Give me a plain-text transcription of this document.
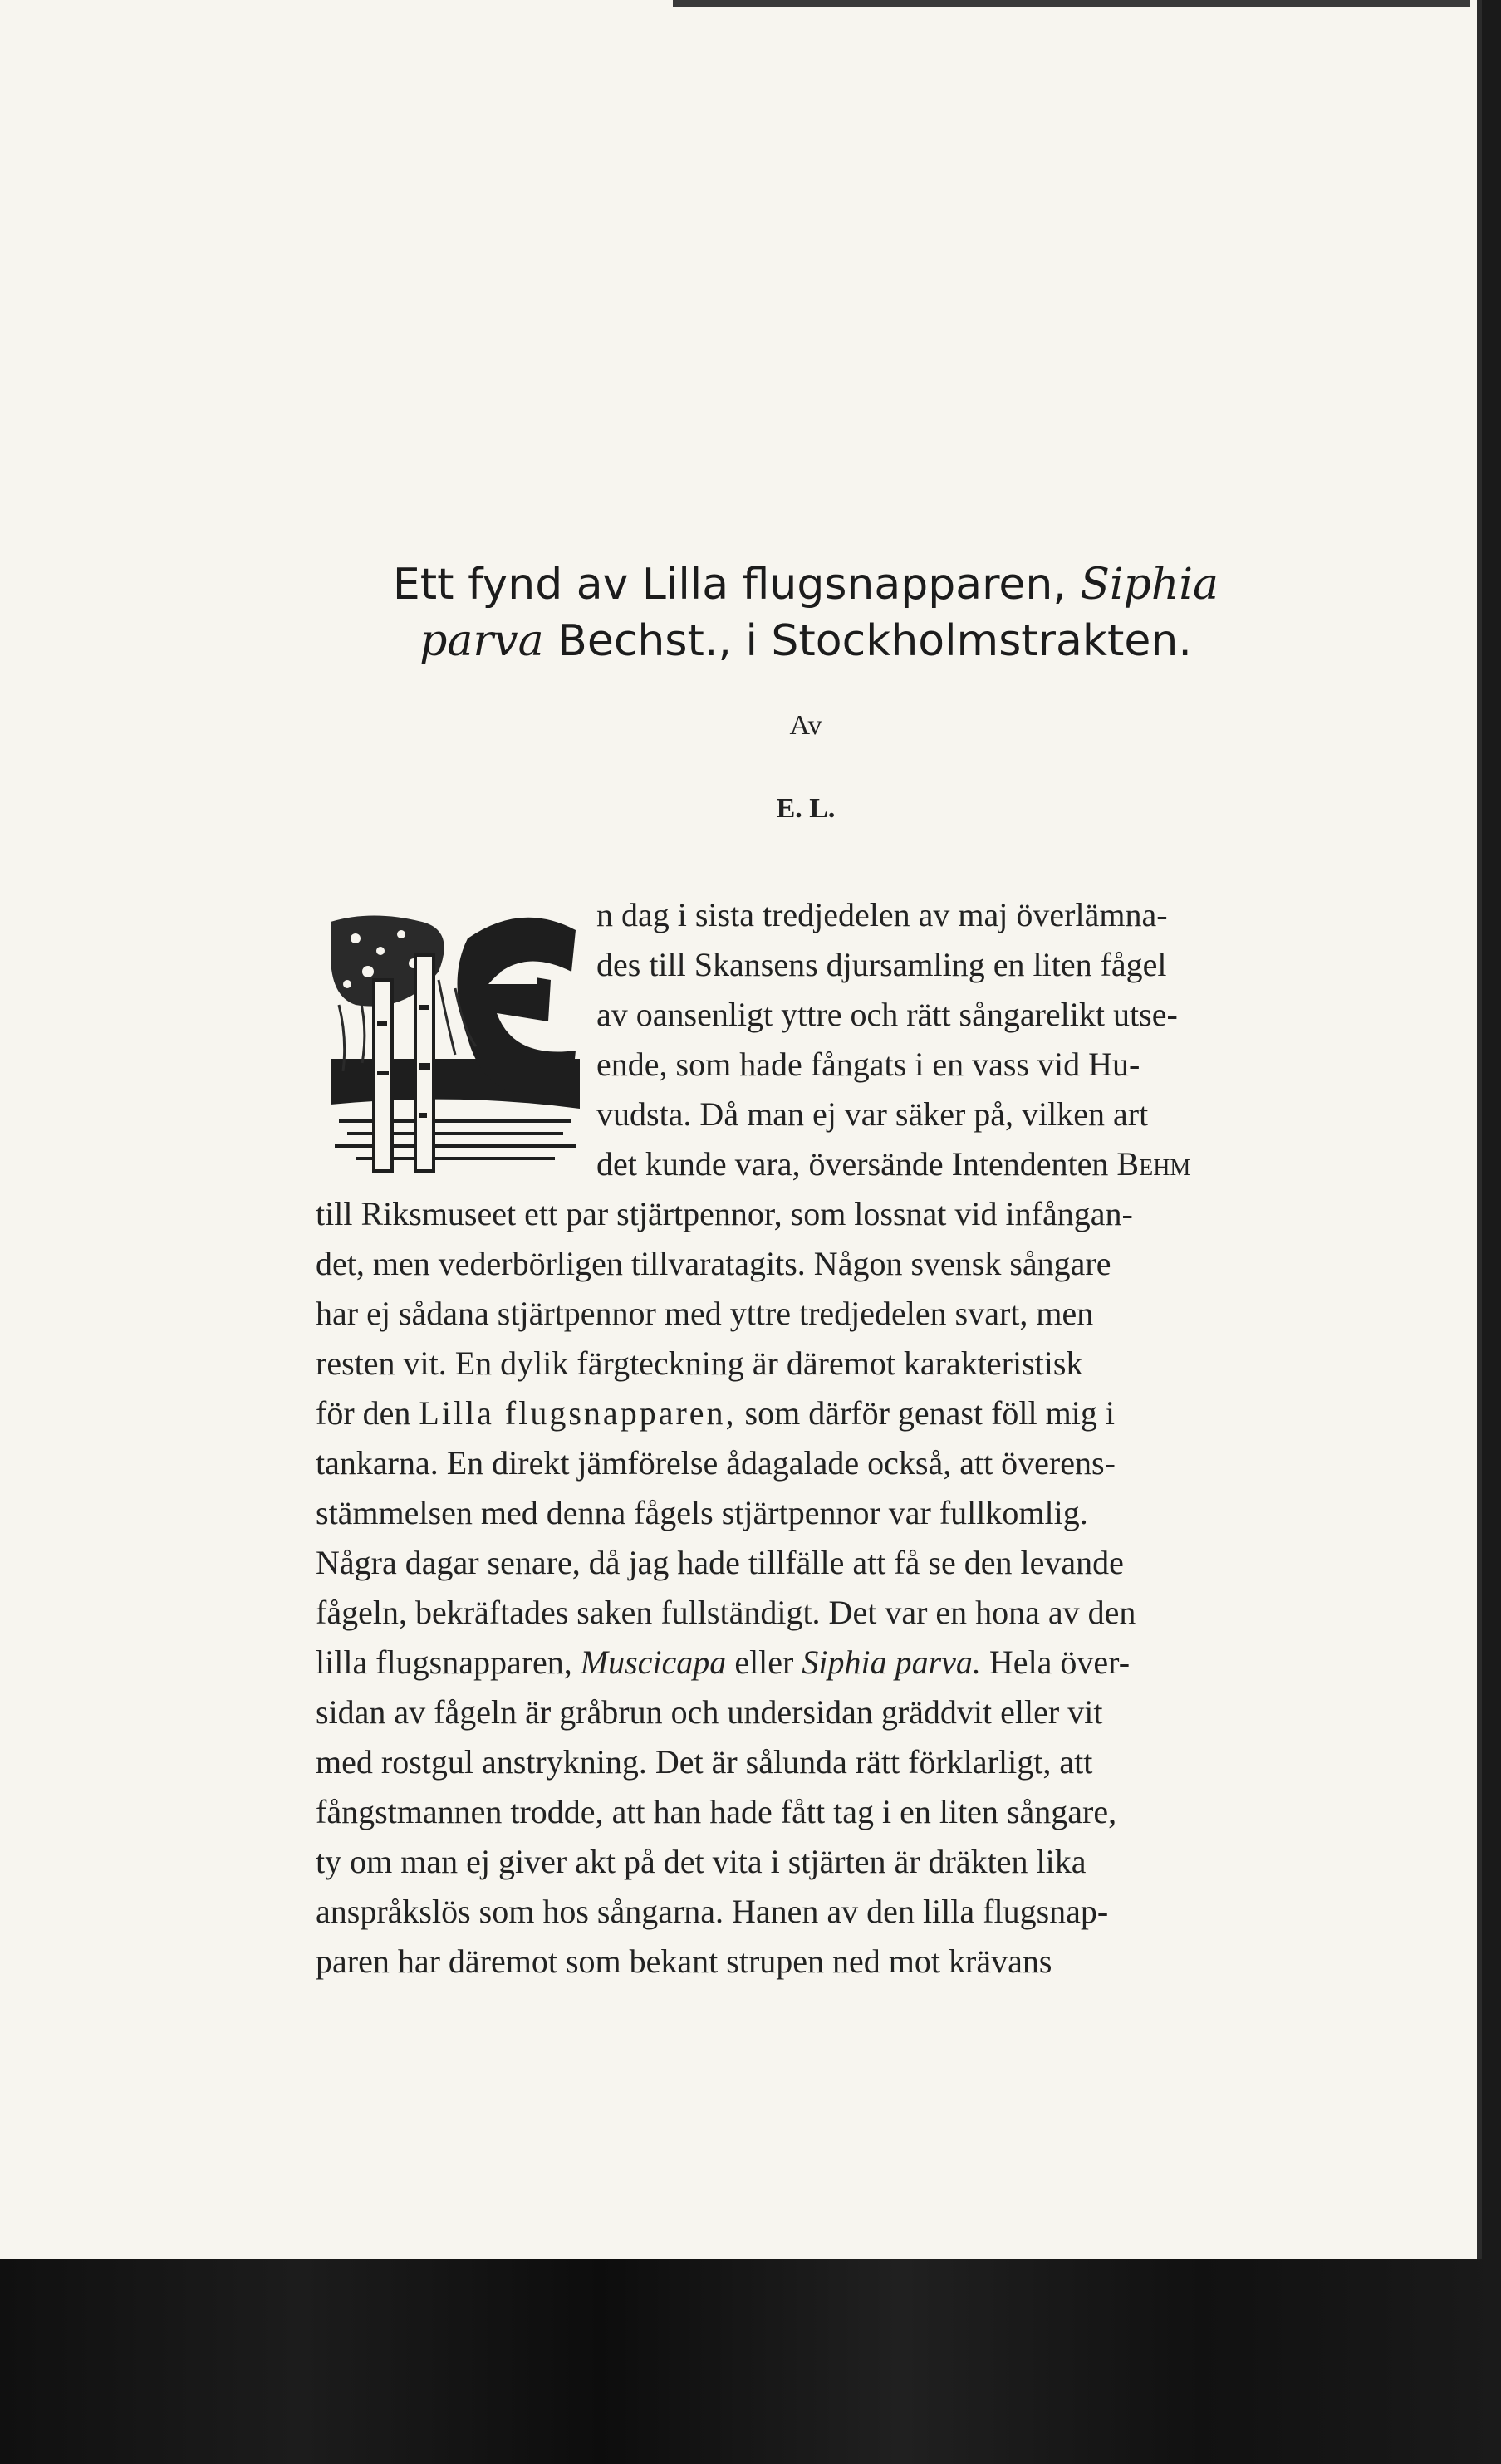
Ett fynd av Lilla flugsnapparen, Siphia
parva Bechst., i Stockholmstrakten.
Av
E. L.
n dag i sista tredjedelen av maj överlämna-
des till Skansens djursamling en liten fågel
av oansenligt yttre och rätt sångarelikt utse-
ende, som hade fångats i en vass vid Hu-
vudsta. Då man ej var säker på, vilken art
det kunde vara, översände Intendenten Behm
till Riksmuseet ett par stjärtpennor, som lossnat vid infångan-
det, men vederbörligen tillvaratagits. Någon svensk sångare
har ej sådana stjärtpennor med yttre tredjedelen svart, men
resten vit. En dylik färgteckning är däremot karakteristisk
för den Lilla flugsnapparen, som därför genast föll mig i
tankarna. En direkt jämförelse ådagalade också, att överens-
stämmelsen med denna fågels stjärtpennor var fullkomlig.
Några dagar senare, då jag hade tillfälle att få se den levande
fågeln, bekräftades saken fullständigt. Det var en hona av den
lilla flugsnapparen, Muscicapa eller Siphia parva. Hela över-
sidan av fågeln är gråbrun och undersidan gräddvit eller vit
med rostgul anstrykning. Det är sålunda rätt förklarligt, att
fångstmannen trodde, att han hade fått tag i en liten sångare,
ty om man ej giver akt på det vita i stjärten är dräkten lika
anspråkslös som hos sångarna. Hanen av den lilla flugsnap-
paren har däremot som bekant strupen ned mot krävans
